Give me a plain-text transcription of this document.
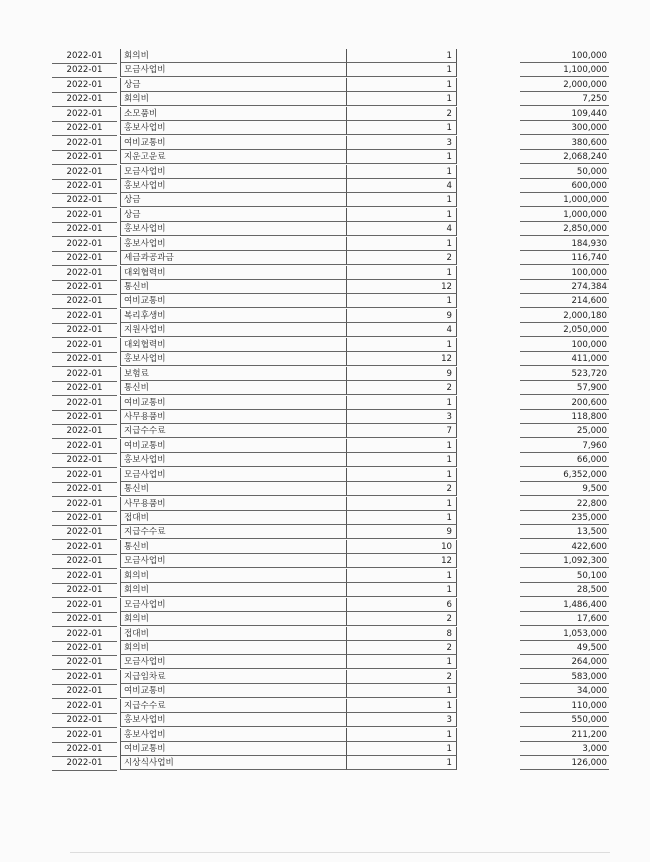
2022-01	회의비	1	100,000
2022-01	모금사업비	1	1,100,000
2022-01	상금	1	2,000,000
2022-01	회의비	1	7,250
2022-01	소모품비	2	109,440
2022-01	홍보사업비	1	300,000
2022-01	여비교통비	3	380,600
2022-01	지운고운료	1	2,068,240
2022-01	모금사업비	1	50,000
2022-01	홍보사업비	4	600,000
2022-01	상금	1	1,000,000
2022-01	상금	1	1,000,000
2022-01	홍보사업비	4	2,850,000
2022-01	홍보사업비	1	184,930
2022-01	세금과공과금	2	116,740
2022-01	대외협력비	1	100,000
2022-01	통신비	12	274,384
2022-01	여비교통비	1	214,600
2022-01	복리후생비	9	2,000,180
2022-01	지원사업비	4	2,050,000
2022-01	대외협력비	1	100,000
2022-01	홍보사업비	12	411,000
2022-01	보험료	9	523,720
2022-01	통신비	2	57,900
2022-01	여비교통비	1	200,600
2022-01	사무용품비	3	118,800
2022-01	지급수수료	7	25,000
2022-01	여비교통비	1	7,960
2022-01	홍보사업비	1	66,000
2022-01	모금사업비	1	6,352,000
2022-01	통신비	2	9,500
2022-01	사무용품비	1	22,800
2022-01	접대비	1	235,000
2022-01	지급수수료	9	13,500
2022-01	통신비	10	422,600
2022-01	모금사업비	12	1,092,300
2022-01	회의비	1	50,100
2022-01	회의비	1	28,500
2022-01	모금사업비	6	1,486,400
2022-01	회의비	2	17,600
2022-01	접대비	8	1,053,000
2022-01	회의비	2	49,500
2022-01	모금사업비	1	264,000
2022-01	지급임차료	2	583,000
2022-01	여비교통비	1	34,000
2022-01	지급수수료	1	110,000
2022-01	홍보사업비	3	550,000
2022-01	홍보사업비	1	211,200
2022-01	여비교통비	1	3,000
2022-01	시상식사업비	1	126,000
